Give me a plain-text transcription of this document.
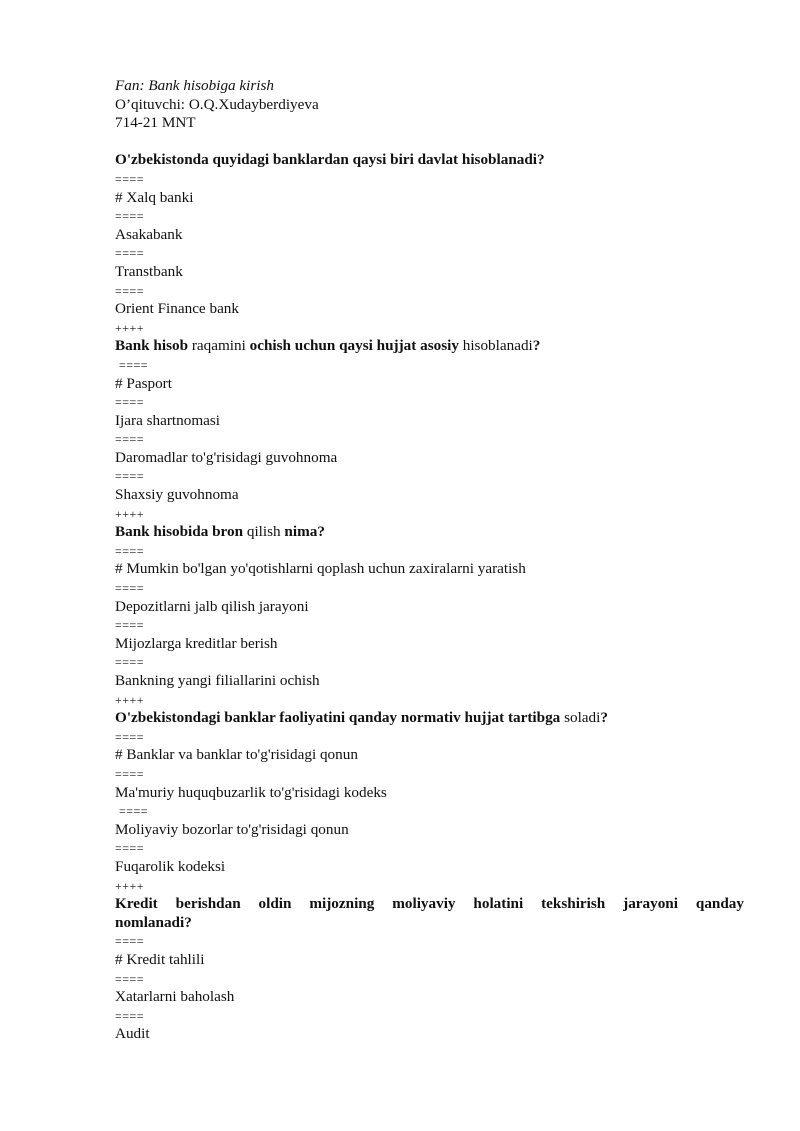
Fan: Bank hisobiga kirish
O’qituvchi: O.Q.Xudayberdiyeva
714-21 MNT
O'zbekistonda quyidagi banklardan qaysi biri davlat hisoblanadi?
====
# Xalq banki
====
Asakabank
====
Transtbank
====
Orient Finance bank
++++
Bank hisob raqamini ochish uchun qaysi hujjat asosiy hisoblanadi?
====
# Pasport
====
Ijara shartnomasi
====
Daromadlar to'g'risidagi guvohnoma
====
Shaxsiy guvohnoma
++++
Bank hisobida bron qilish nima?
====
# Mumkin bo'lgan yo'qotishlarni qoplash uchun zaxiralarni yaratish
====
Depozitlarni jalb qilish jarayoni
====
Mijozlarga kreditlar berish
====
Bankning yangi filiallarini ochish
++++
O'zbekistondagi banklar faoliyatini qanday normativ hujjat tartibga soladi?
====
# Banklar va banklar to'g'risidagi qonun
====
Ma'muriy huquqbuzarlik to'g'risidagi kodeks
====
Moliyaviy bozorlar to'g'risidagi qonun
====
Fuqarolik kodeksi
++++
Kredit berishdan oldin mijozning moliyaviy holatini tekshirish jarayoni qanday
nomlanadi?
====
# Kredit tahlili
====
Xatarlarni baholash
====
Audit
